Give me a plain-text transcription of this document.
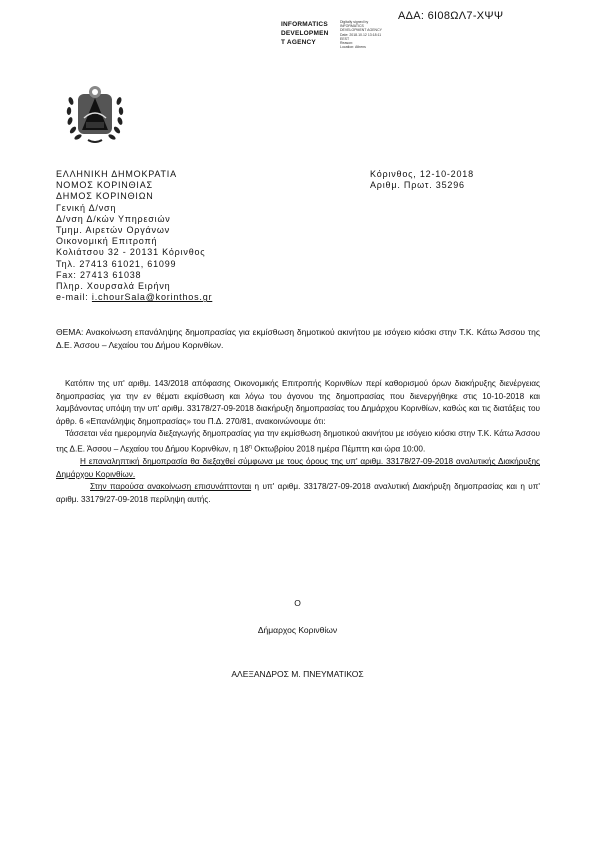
ΑΔΑ: 6Ι08ΩΛ7-ΧΨΨ
INFORMATICS
DEVELOPMEN
T AGENCY
Digitally signed by
INFORMATICS
DEVELOPMENT AGENCY
Date: 2018.10.12 13:18:11
EEST
Reason:
Location: Athens
ΕΛΛΗΝΙΚΗ ΔΗΜΟΚΡΑΤΙΑ
ΝΟΜΟΣ ΚΟΡΙΝΘΙΑΣ
ΔΗΜΟΣ ΚΟΡΙΝΘΙΩΝ
Γενική Δ/νση
Δ/νση Δ/κών Υπηρεσιών
Τμημ. Αιρετών Οργάνων
Οικονομική Επιτροπή
Κολιάτσου 32 - 20131 Κόρινθος
Τηλ. 27413 61021, 61099
Fax: 27413 61038
Πληρ. Χουρσαλά Ειρήνη
e-mail: i.chourSala@korinthos.gr
Κόρινθος, 12-10-2018
Αριθμ. Πρωτ. 35296
ΘΕΜΑ: Ανακοίνωση επανάληψης δημοπρασίας για εκμίσθωση δημοτικού ακινήτου με ισόγειο κιόσκι στην Τ.Κ. Κάτω Άσσου της Δ.Ε. Άσσου – Λεχαίου του Δήμου Κορινθίων.

Κατόπιν της υπ' αριθμ. 143/2018 απόφασης Οικονομικής Επιτροπής Κορινθίων περί καθορισμού όρων διακήρυξης διενέργειας δημοπρασίας για την εν θέματι εκμίσθωση και λόγω του άγονου της δημοπρασίας που διενεργήθηκε στις 10-10-2018 και λαμβάνοντας υπόψη την υπ' αριθμ. 33178/27-09-2018 διακήρυξη δημοπρασίας του Δημάρχου Κορινθίων, καθώς και τις διατάξεις του άρθρ. 6 «Επανάληψις δημοπρασίας» του Π.Δ. 270/81, ανακοινώνουμε ότι:

Τάσσεται νέα ημερομηνία διεξαγωγής δημοπρασίας για την εκμίσθωση δημοτικού ακινήτου με ισόγειο κιόσκι στην Τ.Κ. Κάτω Άσσου της Δ.Ε. Άσσου – Λεχαίου του Δήμου Κορινθίων, η $18^\eta$ Οκτωβρίου 2018 ημέρα Πέμπτη και ώρα 10:00.

Η επαναληπτική δημοπρασία θα διεξαχθεί σύμφωνα με τους όρους της υπ' αριθμ. 33178/27-09-2018 αναλυτικής Διακήρυξης Δημάρχου Κορινθίων.

Στην παρούσα ανακοίνωση επισυνάπτονται η υπ' αριθμ. 33178/27-09-2018 αναλυτική Διακήρυξη δημοπρασίας και η υπ' αριθμ. 33179/27-09-2018 περίληψη αυτής.

Ο
Δήμαρχος Κορινθίων
ΑΛΕΞΑΝΔΡΟΣ Μ. ΠΝΕΥΜΑΤΙΚΟΣ
